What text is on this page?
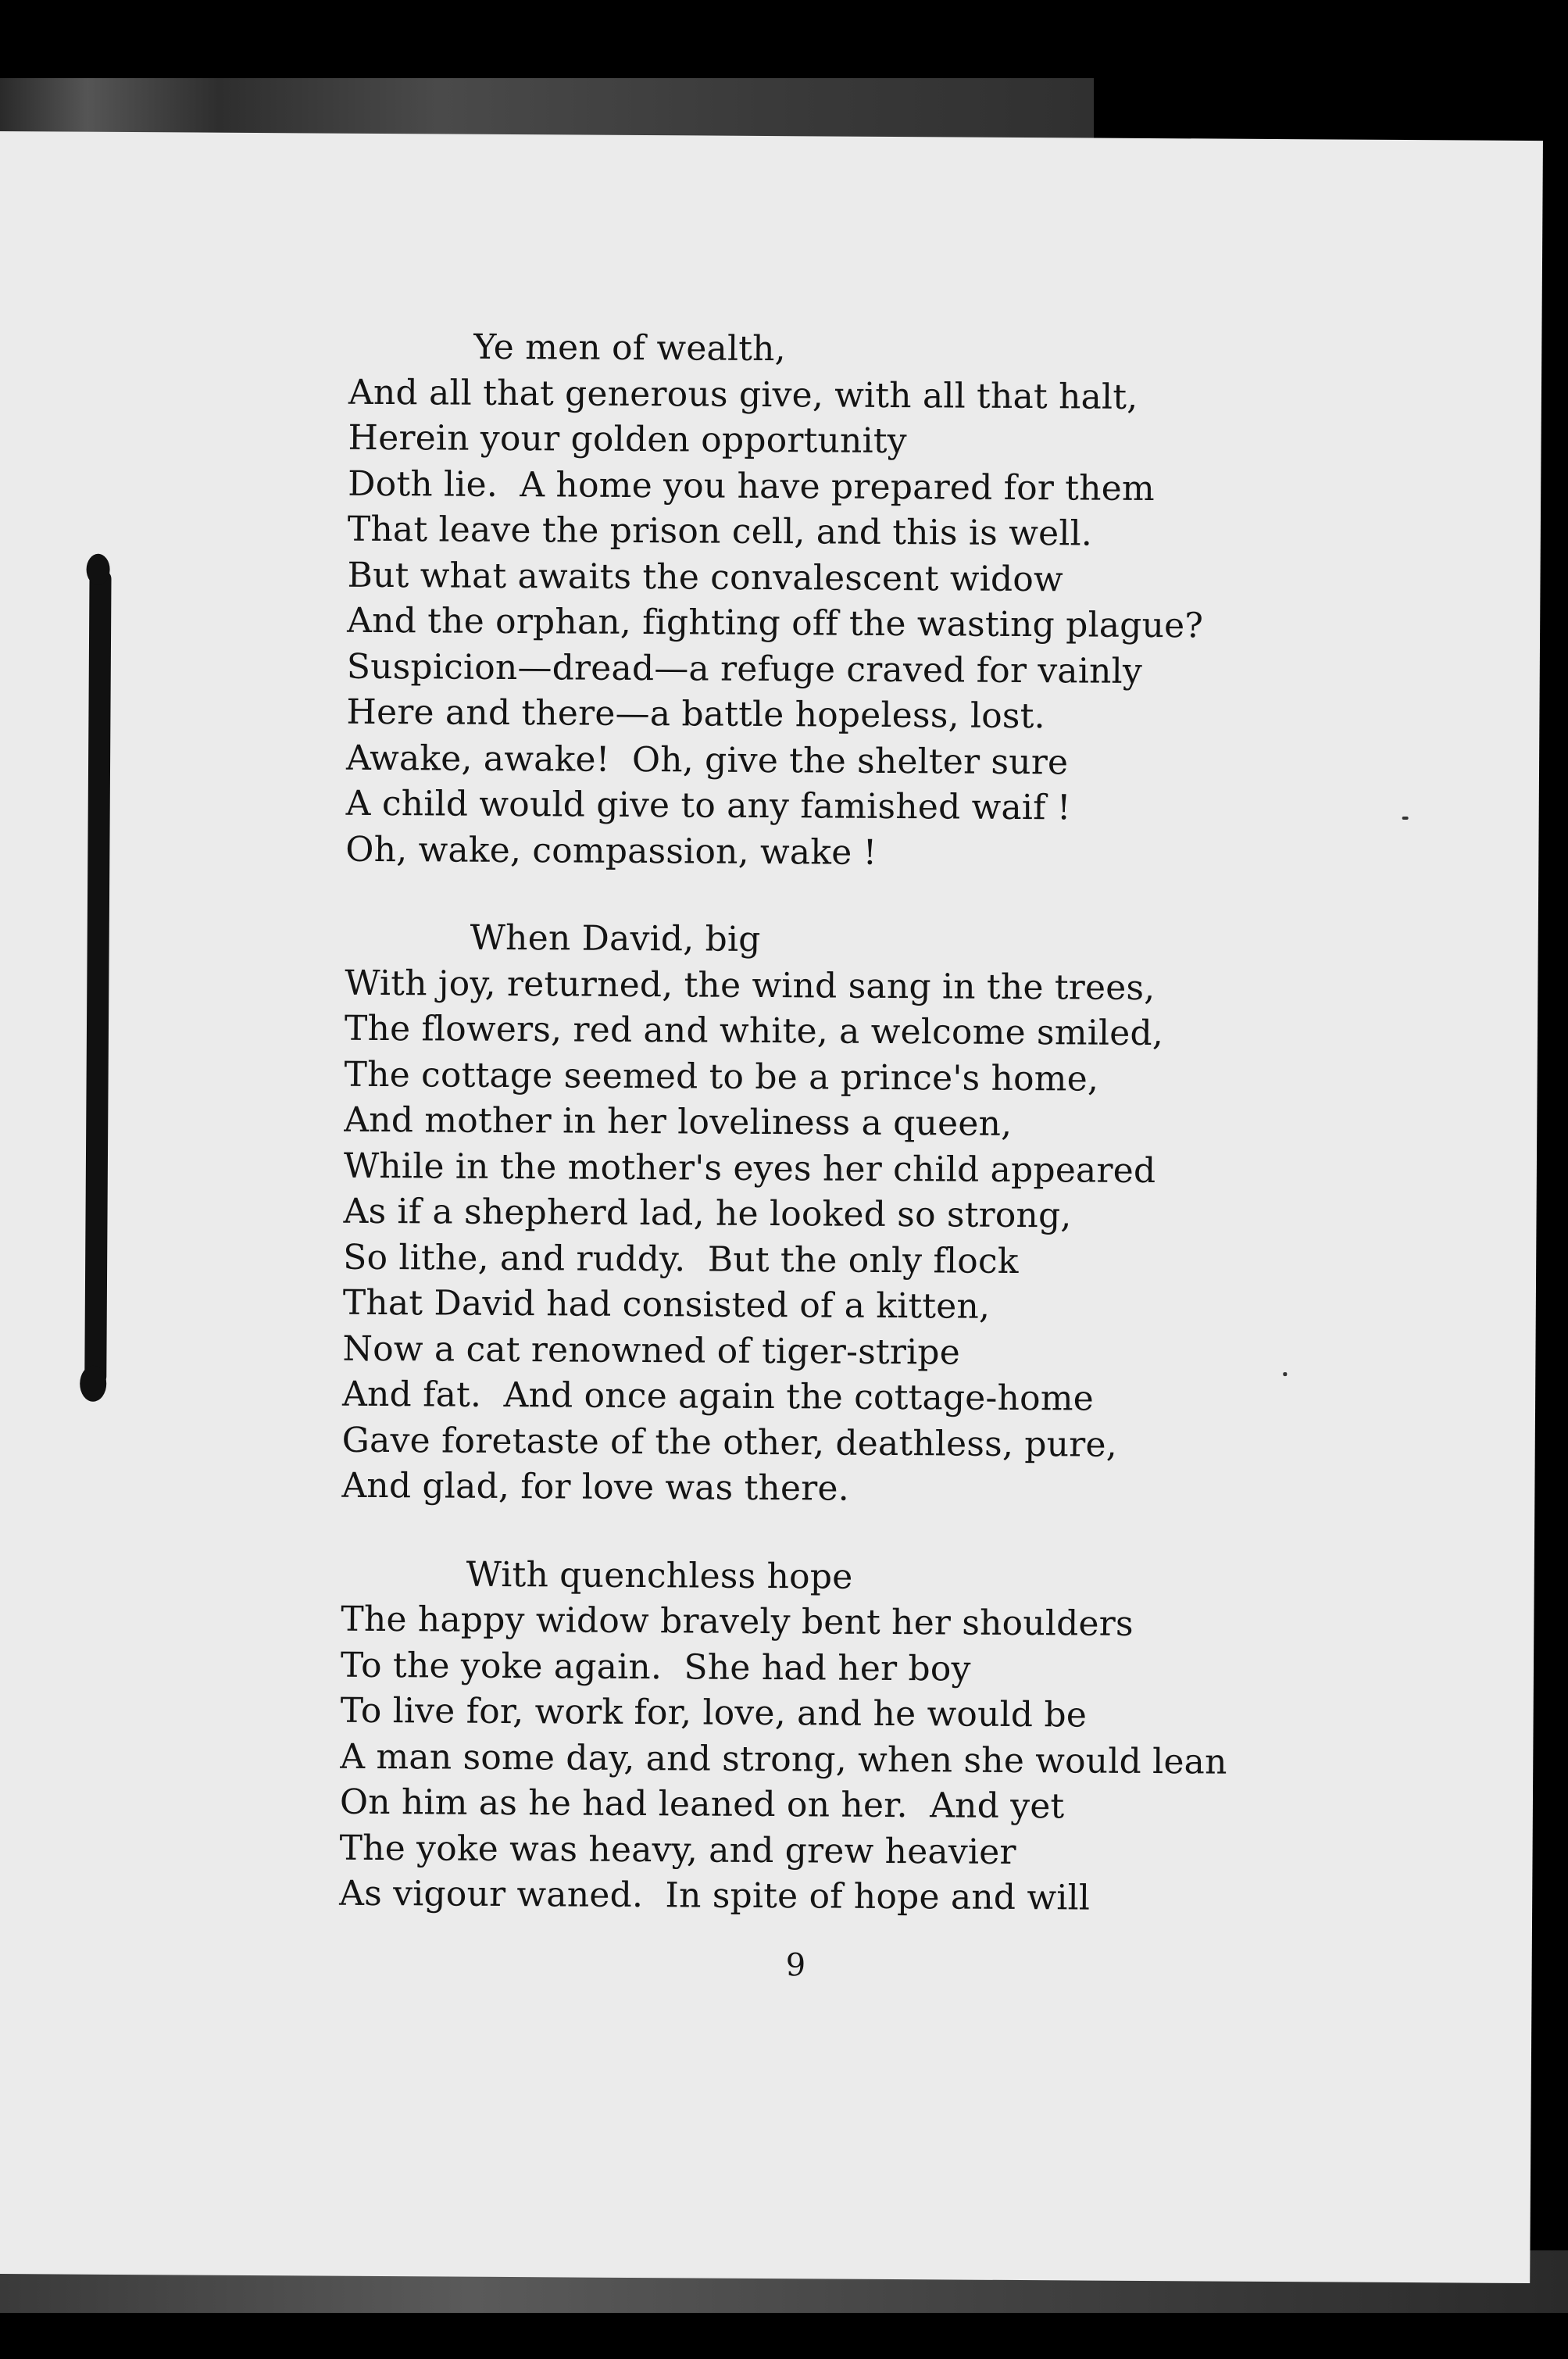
Ye men of wealth,
And all that generous give, with all that halt,
Herein your golden opportunity
Doth lie.  A home you have prepared for them
That leave the prison cell, and this is well.
But what awaits the convalescent widow
And the orphan, fighting off the wasting plague?
Suspicion—dread—a refuge craved for vainly
Here and there—a battle hopeless, lost.
Awake, awake!  Oh, give the shelter sure
A child would give to any famished waif !
Oh, wake, compassion, wake !
When David, big
With joy, returned, the wind sang in the trees,
The flowers, red and white, a welcome smiled,
The cottage seemed to be a prince's home,
And mother in her loveliness a queen,
While in the mother's eyes her child appeared
As if a shepherd lad, he looked so strong,
So lithe, and ruddy.  But the only flock
That David had consisted of a kitten,
Now a cat renowned of tiger-stripe
And fat.  And once again the cottage-home
Gave foretaste of the other, deathless, pure,
And glad, for love was there.
With quenchless hope
The happy widow bravely bent her shoulders
To the yoke again.  She had her boy
To live for, work for, love, and he would be
A man some day, and strong, when she would lean
On him as he had leaned on her.  And yet
The yoke was heavy, and grew heavier
As vigour waned.  In spite of hope and will
9
